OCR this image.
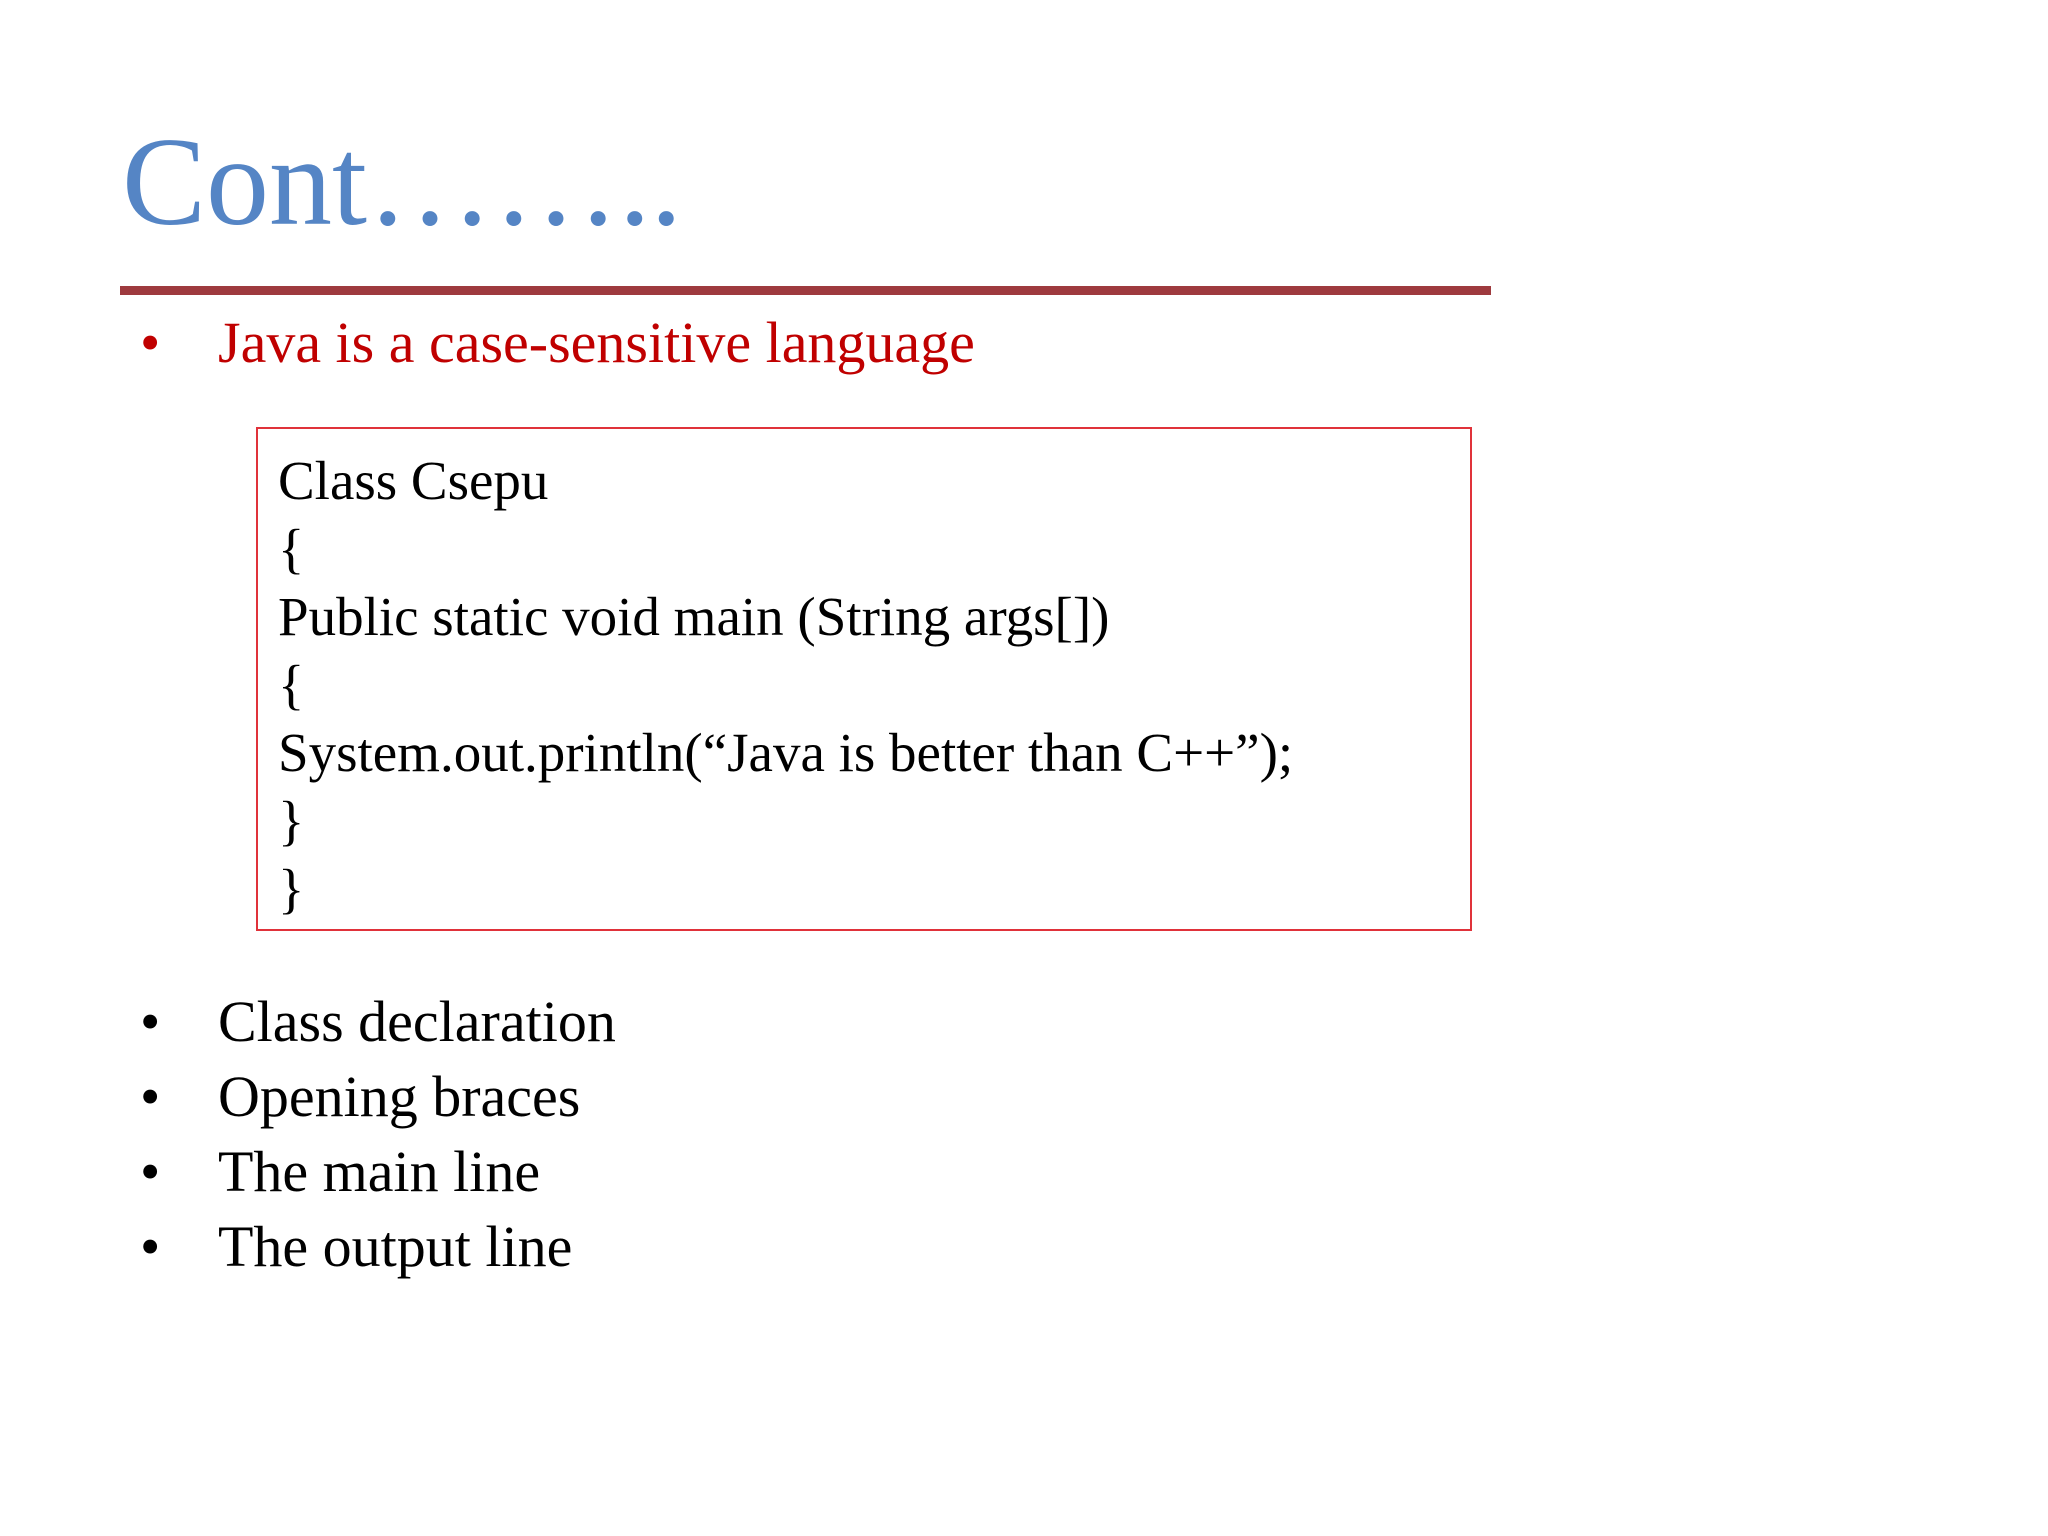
Cont……..
• Java is a case-sensitive language
Class Csepu
{
Public static void main (String args[])
{
System.out.println(“Java is better than C++”);
}
}
• Class declaration
• Opening braces
• The main line
• The output line
